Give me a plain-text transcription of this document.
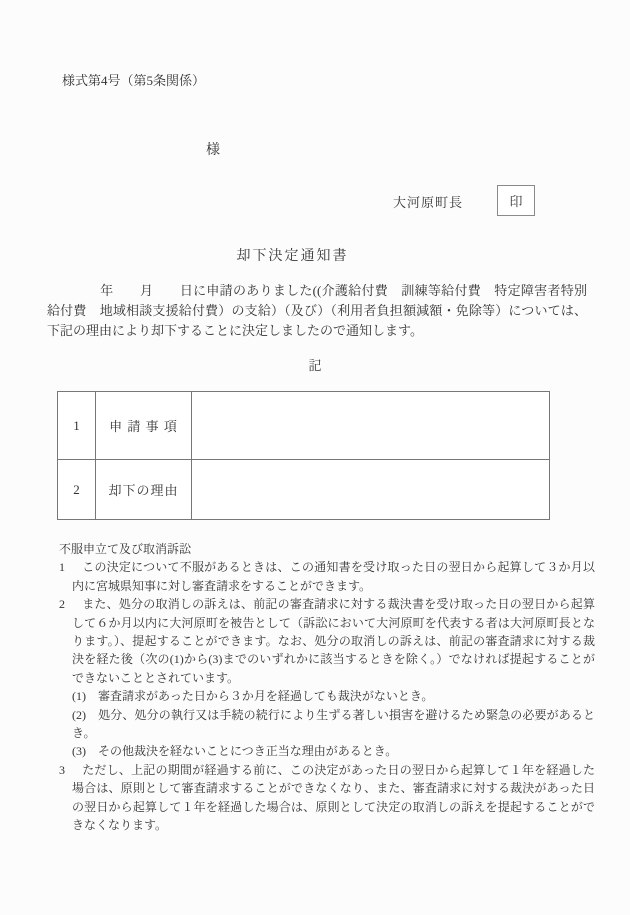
様式第4号（第5条関係）
様
大河原町長	印
却下決定通知書
　　　　年　　月　　日に申請のありました((介護給付費　訓練等給付費　特定障害者特別給付費　地域相談支援給付費）の支給）（及び）（利用者負担額減額・免除等）については、下記の理由により却下することに決定しましたので通知します。
記
1	申 請 事 項	
2	却下の理由	
不服申立て及び取消訴訟
1 この決定について不服があるときは、この通知書を受け取った日の翌日から起算して３か月以内に宮城県知事に対し審査請求をすることができます。
2 また、処分の取消しの訴えは、前記の審査請求に対する裁決書を受け取った日の翌日から起算して６か月以内に大河原町を被告として（訴訟において大河原町を代表する者は大河原町長となります。）、提起することができます。なお、処分の取消しの訴えは、前記の審査請求に対する裁決を経た後（次の(1)から(3)までのいずれかに該当するときを除く。）でなければ提起することができないこととされています。
(1) 審査請求があった日から３か月を経過しても裁決がないとき。
(2) 処分、処分の執行又は手続の続行により生ずる著しい損害を避けるため緊急の必要があるとき。
(3) その他裁決を経ないことにつき正当な理由があるとき。
3 ただし、上記の期間が経過する前に、この決定があった日の翌日から起算して１年を経過した場合は、原則として審査請求することができなくなり、また、審査請求に対する裁決があった日の翌日から起算して１年を経過した場合は、原則として決定の取消しの訴えを提起することができなくなります。
